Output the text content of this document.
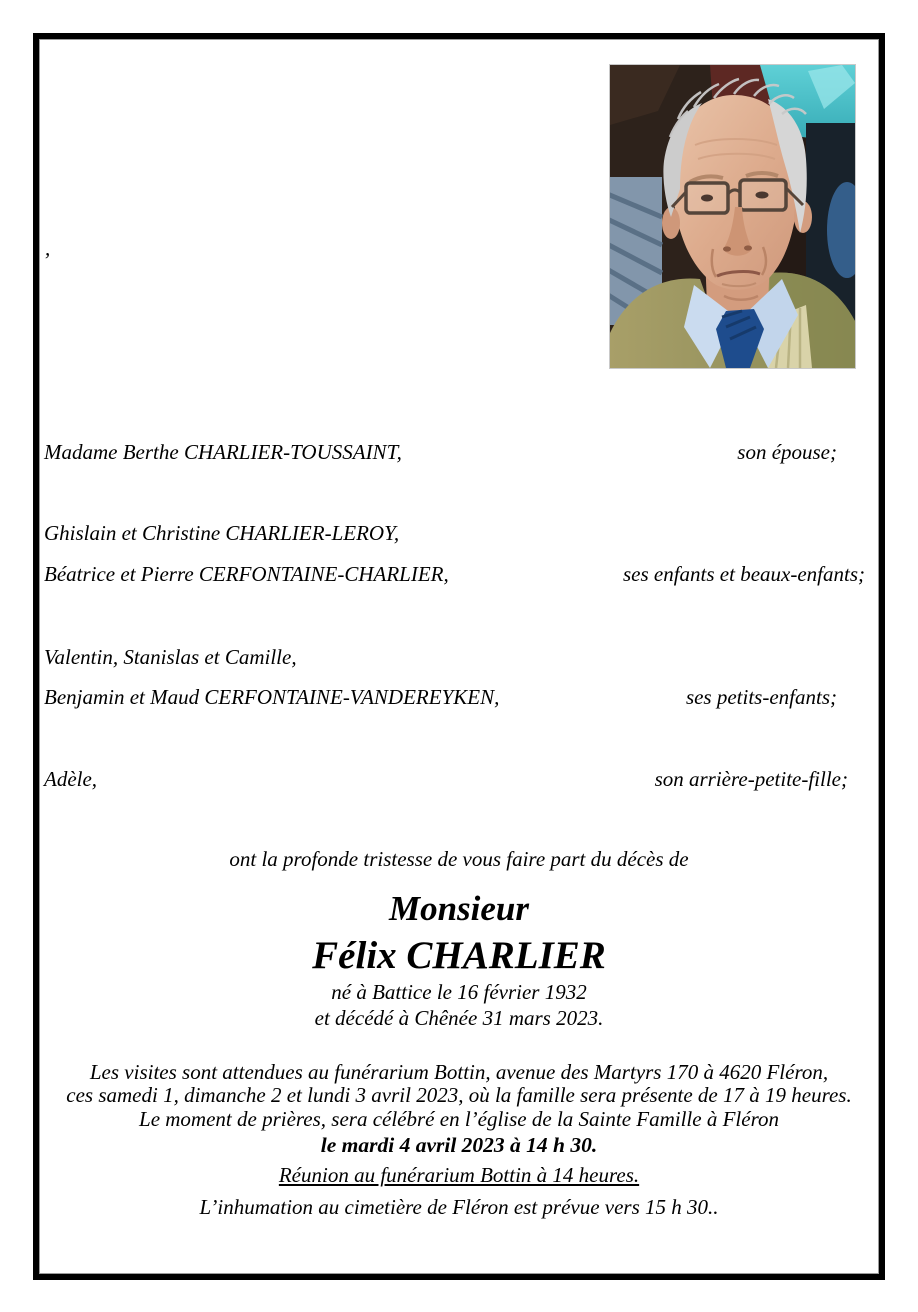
,
Madame Berthe CHARLIER-TOUSSAINT,	son épouse;
Ghislain et Christine CHARLIER-LEROY,
Béatrice et Pierre CERFONTAINE-CHARLIER,	ses enfants et beaux-enfants;
Valentin, Stanislas et Camille,
Benjamin et Maud CERFONTAINE-VANDEREYKEN,	ses petits-enfants;
Adèle,	son arrière-petite-fille;
ont la profonde tristesse de vous faire part du décès de
Monsieur
Félix CHARLIER
né à Battice le 16 février 1932
et décédé à Chênée 31 mars 2023.
Les visites sont attendues au funérarium Bottin, avenue des Martyrs 170 à 4620 Fléron,
ces samedi 1, dimanche 2 et lundi 3 avril 2023, où la famille sera présente de 17 à 19 heures.
Le moment de prières, sera célébré en l’église de la Sainte Famille à Fléron
le mardi 4 avril 2023 à 14 h 30.
Réunion au funérarium Bottin à 14 heures.
L’inhumation au cimetière de Fléron est prévue vers 15 h 30..
